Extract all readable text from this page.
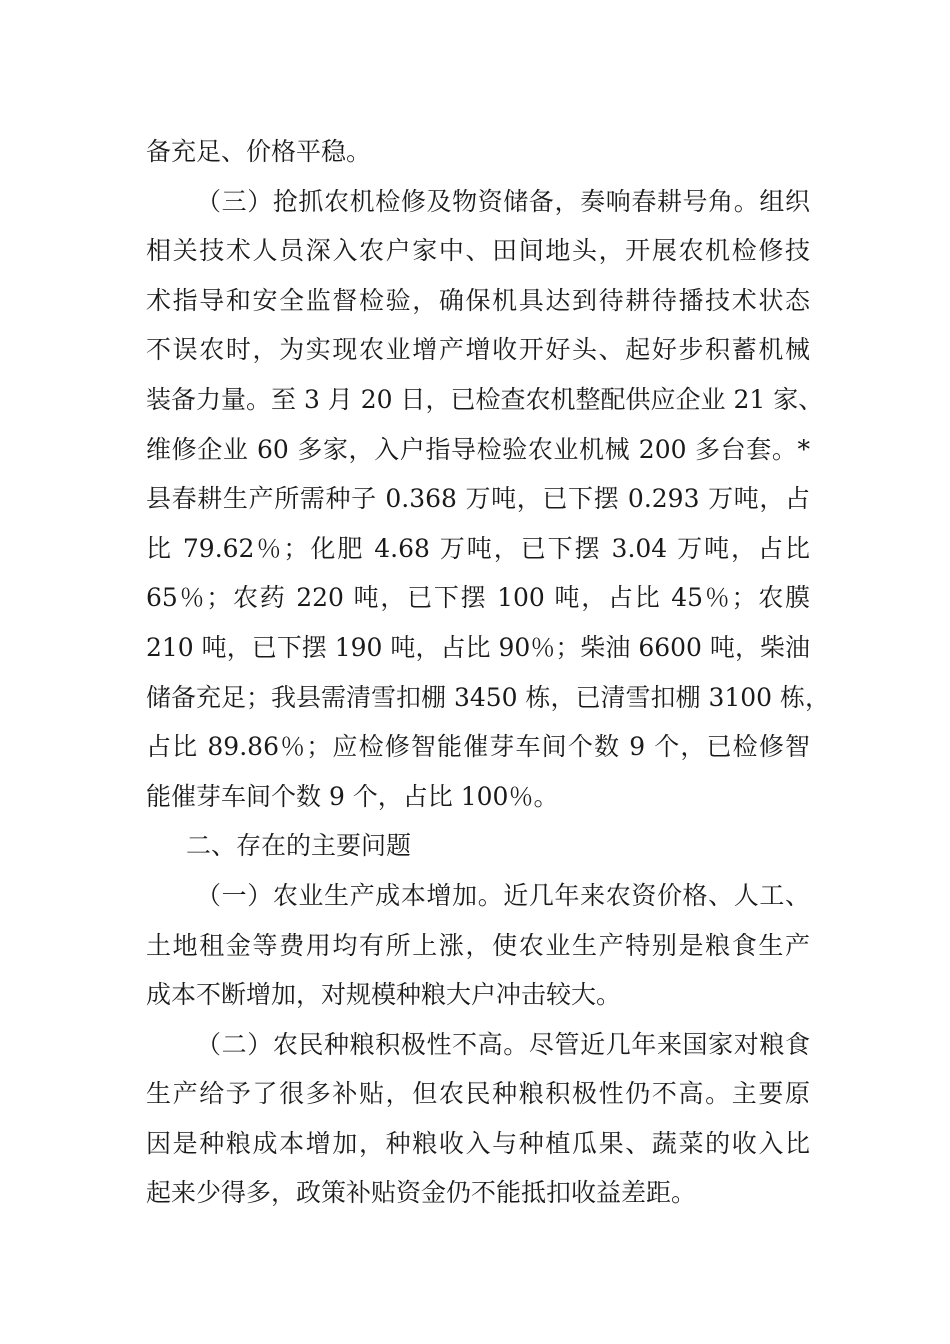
备充足、价格平稳。
（三）抢抓农机检修及物资储备，奏响春耕号角。组织
相关技术人员深入农户家中、田间地头，开展农机检修技
术指导和安全监督检验，确保机具达到待耕待播技术状态
不误农时，为实现农业增产增收开好头、起好步积蓄机械
装备力量。至 3 月 20 日，已检查农机整配供应企业 21 家、
维修企业 60 多家，入户指导检验农业机械 200 多台套。*
县春耕生产所需种子 0.368 万吨，已下摆 0.293 万吨，占
比 79.62％；化肥 4.68 万吨，已下摆 3.04 万吨，占比
65％；农药 220 吨，已下摆 100 吨，占比 45％；农膜
210 吨，已下摆 190 吨，占比 90％；柴油 6600 吨，柴油
储备充足；我县需清雪扣棚 3450 栋，已清雪扣棚 3100 栋，
占比 89.86％；应检修智能催芽车间个数 9 个，已检修智
能催芽车间个数 9 个，占比 100％。
二、存在的主要问题
（一）农业生产成本增加。近几年来农资价格、人工、
土地租金等费用均有所上涨，使农业生产特别是粮食生产
成本不断增加，对规模种粮大户冲击较大。
（二）农民种粮积极性不高。尽管近几年来国家对粮食
生产给予了很多补贴，但农民种粮积极性仍不高。主要原
因是种粮成本增加，种粮收入与种植瓜果、蔬菜的收入比
起来少得多，政策补贴资金仍不能抵扣收益差距。
